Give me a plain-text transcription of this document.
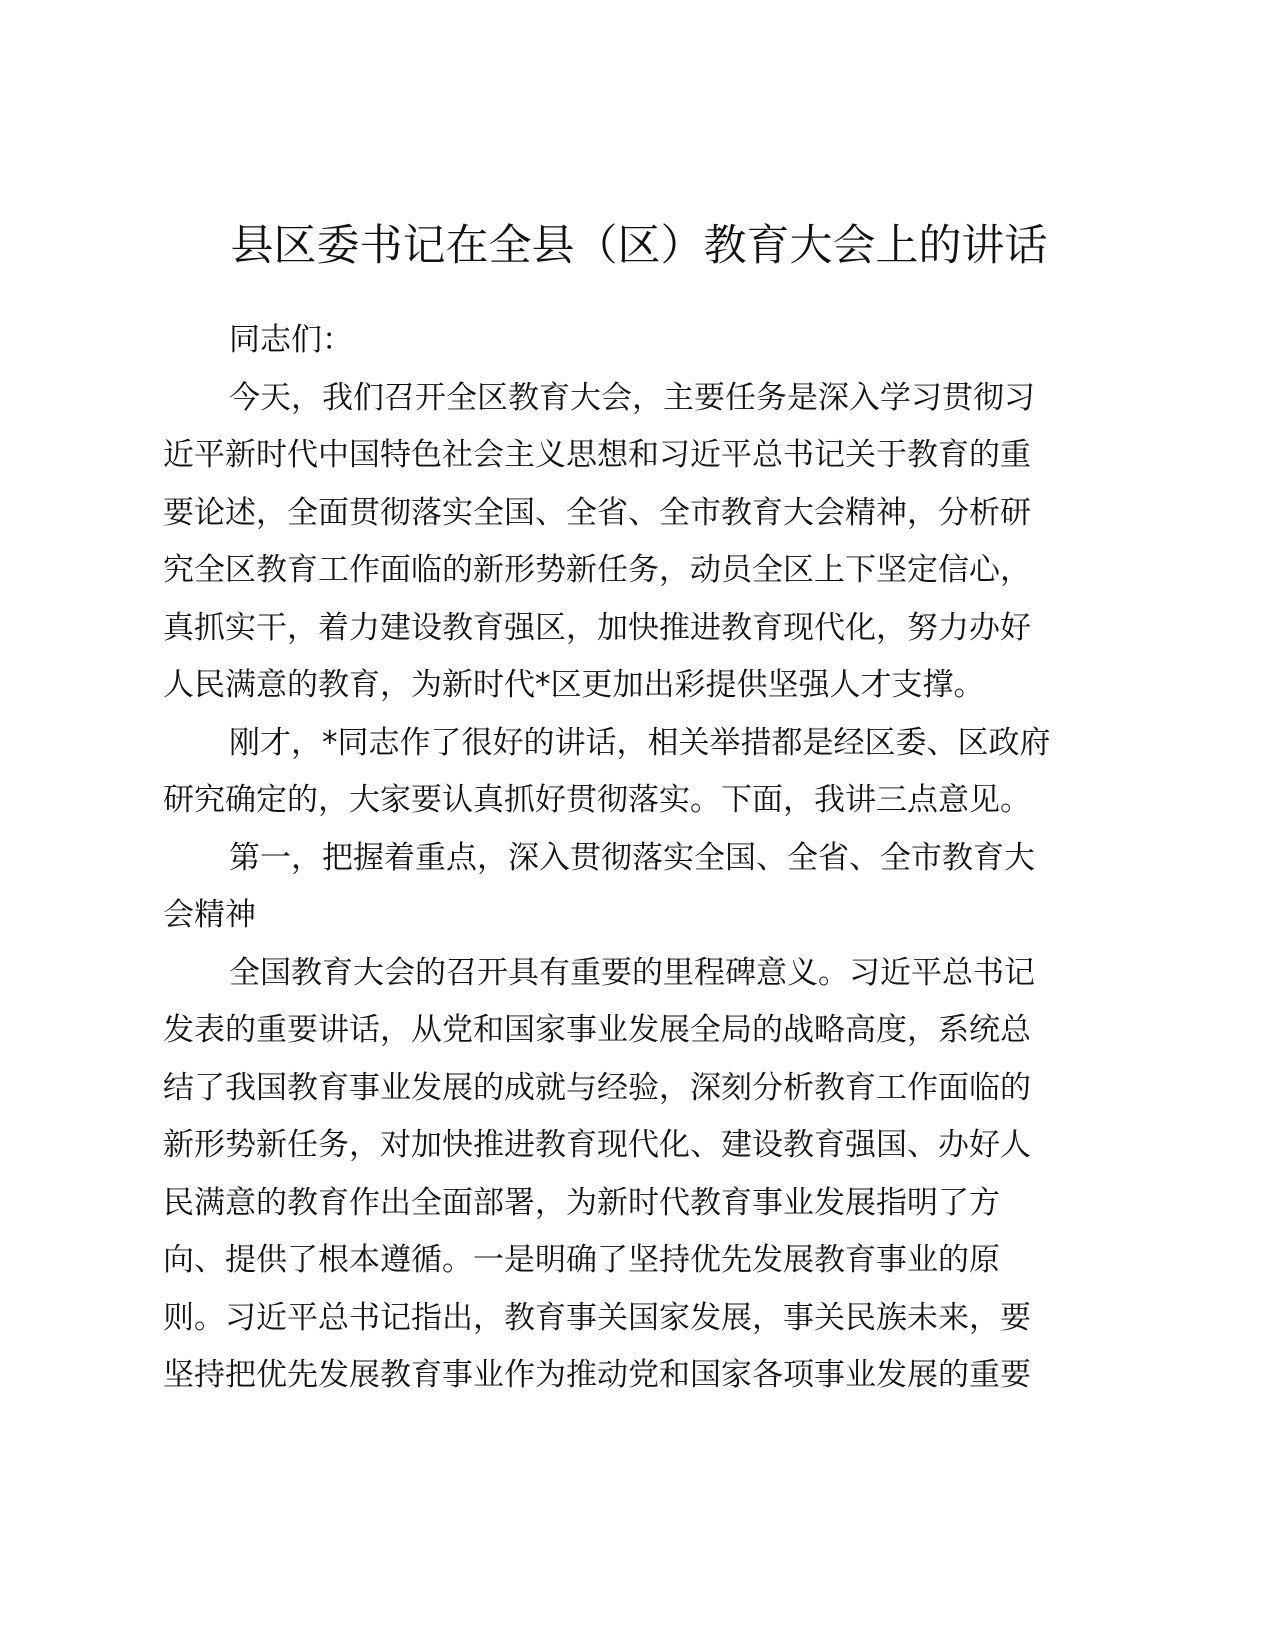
县区委书记在全县（区）教育大会上的讲话
同志们：
今天，我们召开全区教育大会，主要任务是深入学习贯彻习
近平新时代中国特色社会主义思想和习近平总书记关于教育的重
要论述，全面贯彻落实全国、全省、全市教育大会精神，分析研
究全区教育工作面临的新形势新任务，动员全区上下坚定信心，
真抓实干，着力建设教育强区，加快推进教育现代化，努力办好
人民满意的教育，为新时代*区更加出彩提供坚强人才支撑。
刚才，*同志作了很好的讲话，相关举措都是经区委、区政府
研究确定的，大家要认真抓好贯彻落实。下面，我讲三点意见。
第一，把握着重点，深入贯彻落实全国、全省、全市教育大
会精神
全国教育大会的召开具有重要的里程碑意义。习近平总书记
发表的重要讲话，从党和国家事业发展全局的战略高度，系统总
结了我国教育事业发展的成就与经验，深刻分析教育工作面临的
新形势新任务，对加快推进教育现代化、建设教育强国、办好人
民满意的教育作出全面部署，为新时代教育事业发展指明了方
向、提供了根本遵循。一是明确了坚持优先发展教育事业的原
则。习近平总书记指出，教育事关国家发展，事关民族未来，要
坚持把优先发展教育事业作为推动党和国家各项事业发展的重要
